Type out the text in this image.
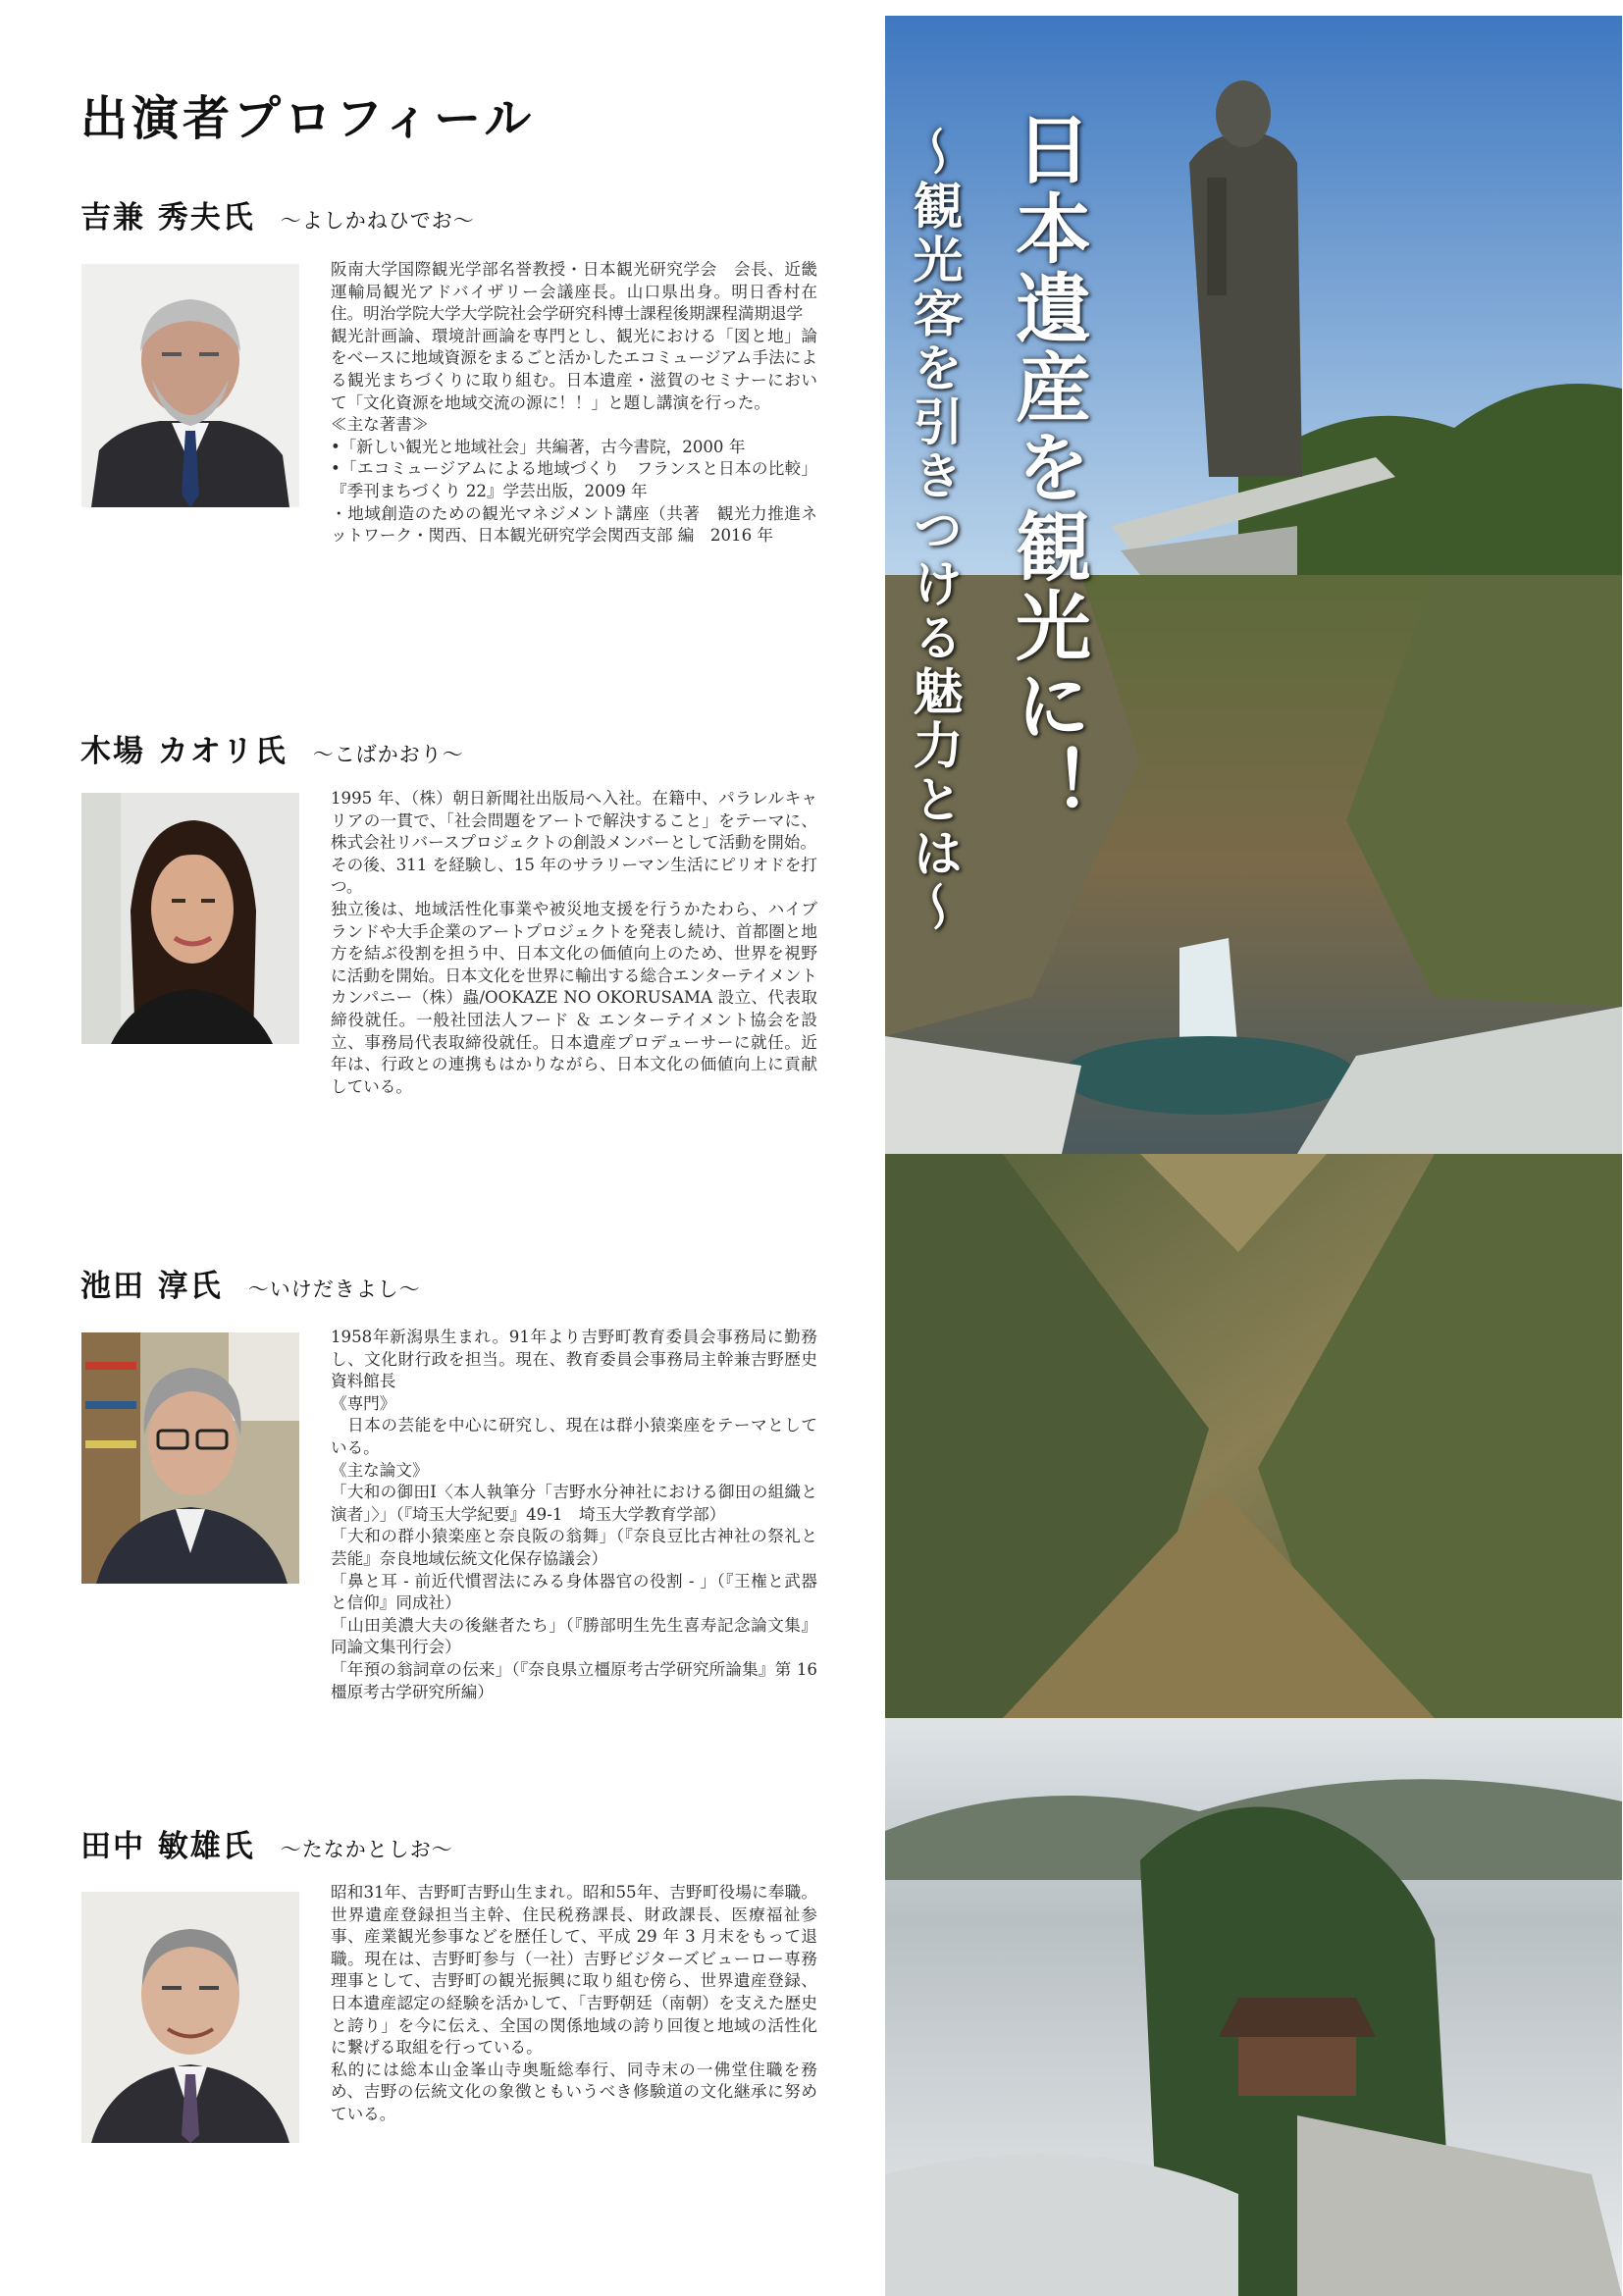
出演者プロフィール
吉兼 秀夫氏 ～よしかねひでお～

阪南大学国際観光学部名誉教授・日本観光研究学会　会長、近畿運輸局観光アドバイザリー会議座長。山口県出身。明日香村在住。明治学院大学大学院社会学研究科博士課程後期課程満期退学

観光計画論、環境計画論を専門とし、観光における「図と地」論をベースに地域資源をまるごと活かしたエコミュージアム手法による観光まちづくりに取り組む。日本遺産・滋賀のセミナーにおいて「文化資源を地域交流の源に！！」と題し講演を行った。

≪主な著書≫

•「新しい観光と地域社会」共編著，古今書院，2000 年

•「エコミュージアムによる地域づくり　フランスと日本の比較」『季刊まちづくり 22』学芸出版，2009 年

・地域創造のための観光マネジメント講座（共著　観光力推進ネットワーク・関西、日本観光研究学会関西支部 編　2016 年

木場 カオリ氏 ～こばかおり～

1995 年、（株）朝日新聞社出版局へ入社。在籍中、パラレルキャリアの一貫で、「社会問題をアートで解決すること」をテーマに、株式会社リバースプロジェクトの創設メンバーとして活動を開始。

その後、311 を経験し、15 年のサラリーマン生活にピリオドを打つ。

独立後は、地域活性化事業や被災地支援を行うかたわら、ハイブランドや大手企業のアートプロジェクトを発表し続け、首都圏と地方を結ぶ役割を担う中、日本文化の価値向上のため、世界を視野に活動を開始。日本文化を世界に輸出する総合エンターテイメントカンパニー（株）蟲/OOKAZE NO OKORUSAMA 設立、代表取締役就任。一般社団法人フード ＆ エンターテイメント協会を設立、事務局代表取締役就任。日本遺産プロデューサーに就任。近年は、行政との連携もはかりながら、日本文化の価値向上に貢献している。

池田 淳氏 ～いけだきよし～

1958年新潟県生まれ。91年より吉野町教育委員会事務局に勤務し、文化財行政を担当。現在、教育委員会事務局主幹兼吉野歴史資料館長

《専門》

　日本の芸能を中心に研究し、現在は群小猿楽座をテーマとしている。

《主な論文》

「大和の御田Ⅰ〈本人執筆分「吉野水分神社における御田の組織と演者」〉」（『埼玉大学紀要』49-1　埼玉大学教育学部）

「大和の群小猿楽座と奈良阪の翁舞」（『奈良豆比古神社の祭礼と芸能』奈良地域伝統文化保存協議会）

「鼻と耳 - 前近代慣習法にみる身体器官の役割 - 」（『王権と武器と信仰』同成社）

「山田美濃大夫の後継者たち」（『勝部明生先生喜寿記念論文集』同論文集刊行会）

「年預の翁詞章の伝来」（『奈良県立橿原考古学研究所論集』第 16 橿原考古学研究所編）

田中 敏雄氏 ～たなかとしお～

昭和31年、吉野町吉野山生まれ。昭和55年、吉野町役場に奉職。世界遺産登録担当主幹、住民税務課長、財政課長、医療福祉参事、産業観光参事などを歴任して、平成 29 年 3 月末をもって退職。現在は、吉野町参与（一社）吉野ビジターズビューロー専務理事として、吉野町の観光振興に取り組む傍ら、世界遺産登録、日本遺産認定の経験を活かして、「吉野朝廷（南朝）を支えた歴史と誇り」を今に伝え、全国の関係地域の誇り回復と地域の活性化に繋げる取組を行っている。

私的には総本山金峯山寺奥駈総奉行、同寺末の一佛堂住職を務め、吉野の伝統文化の象徴ともいうべき修験道の文化継承に努めている。

日本遺産を観光に！
～観光客を引きつける魅力とは～
